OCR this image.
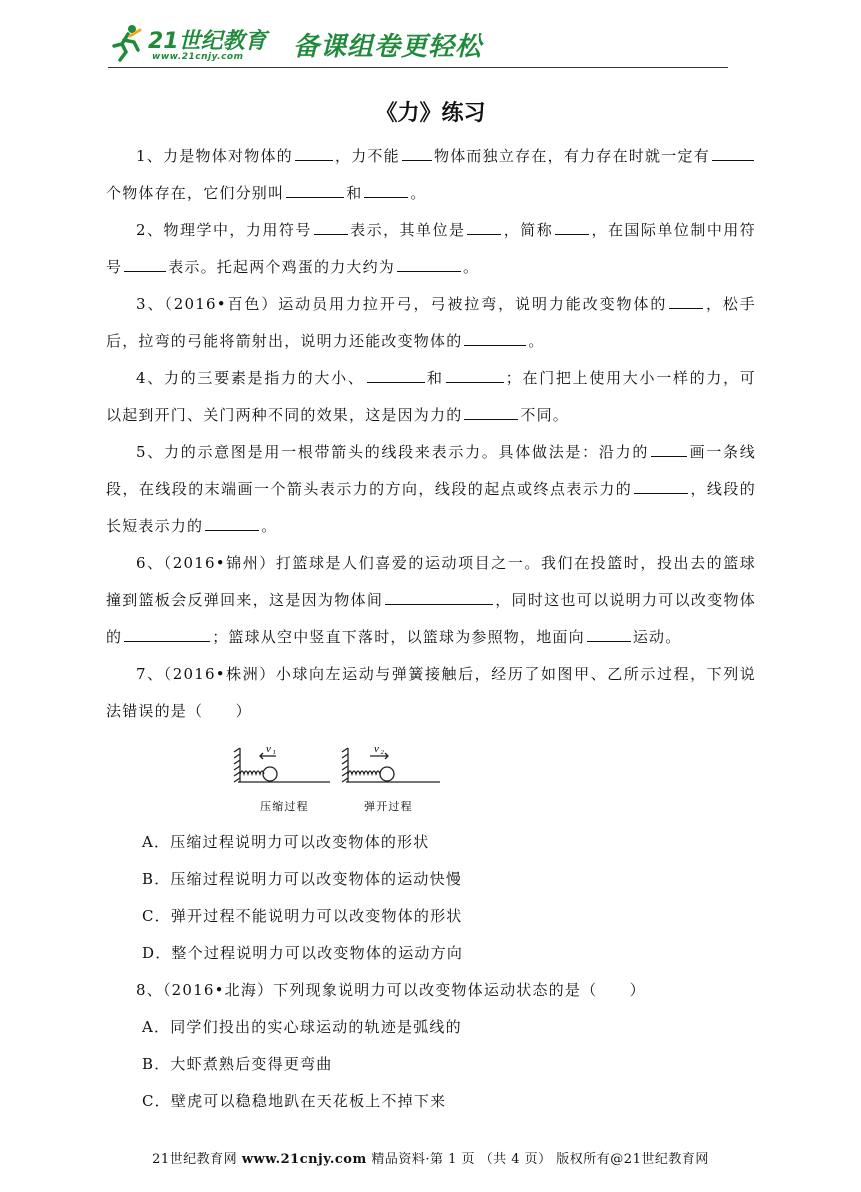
21世纪教育
www.21cnjy.com 备课组卷更轻松
《力》练习

1、力是物体对物体的	，力不能 物体而独立存在，有力存在时就一定有个物体存在，它们分别叫	和	。

2、物理学中，力用符号	表示，其单位是	，简称	，在国际单位制中用符号	表示。托起两个鸡蛋的力大约为	。

3、（2016•百色）运动员用力拉开弓，弓被拉弯，说明力能改变物体的	，松手后，拉弯的弓能将箭射出，说明力还能改变物体的	。

4、力的三要素是指力的大小、	和	；在门把上使用大小一样的力，可以起到开门、关门两种不同的效果，这是因为力的	不同。

5、力的示意图是用一根带箭头的线段来表示力。具体做法是：沿力的	画一条线段，在线段的末端画一个箭头表示力的方向，线段的起点或终点表示力的	，线段的长短表示力的	。

6、（2016•锦州）打篮球是人们喜爱的运动项目之一。我们在投篮时，投出去的篮球撞到篮板会反弹回来，这是因为物体间	，同时这也可以说明力可以改变物体的	；篮球从空中竖直下落时，以篮球为参照物，地面向	运动。

7、（2016•株洲）小球向左运动与弹簧接触后，经历了如图甲、乙所示过程，下列说法错误的是（　　）

v₁	v₂
压缩过程	弹开过程

A．压缩过程说明力可以改变物体的形状

B．压缩过程说明力可以改变物体的运动快慢

C．弹开过程不能说明力可以改变物体的形状

D．整个过程说明力可以改变物体的运动方向

8、（2016•北海）下列现象说明力可以改变物体运动状态的是（　　）

A．同学们投出的实心球运动的轨迹是弧线的

B．大虾煮熟后变得更弯曲

C．壁虎可以稳稳地趴在天花板上不掉下来

21世纪教育网 www.21cnjy.com 精品资料·第 1 页 （共 4 页） 版权所有@21世纪教育网
